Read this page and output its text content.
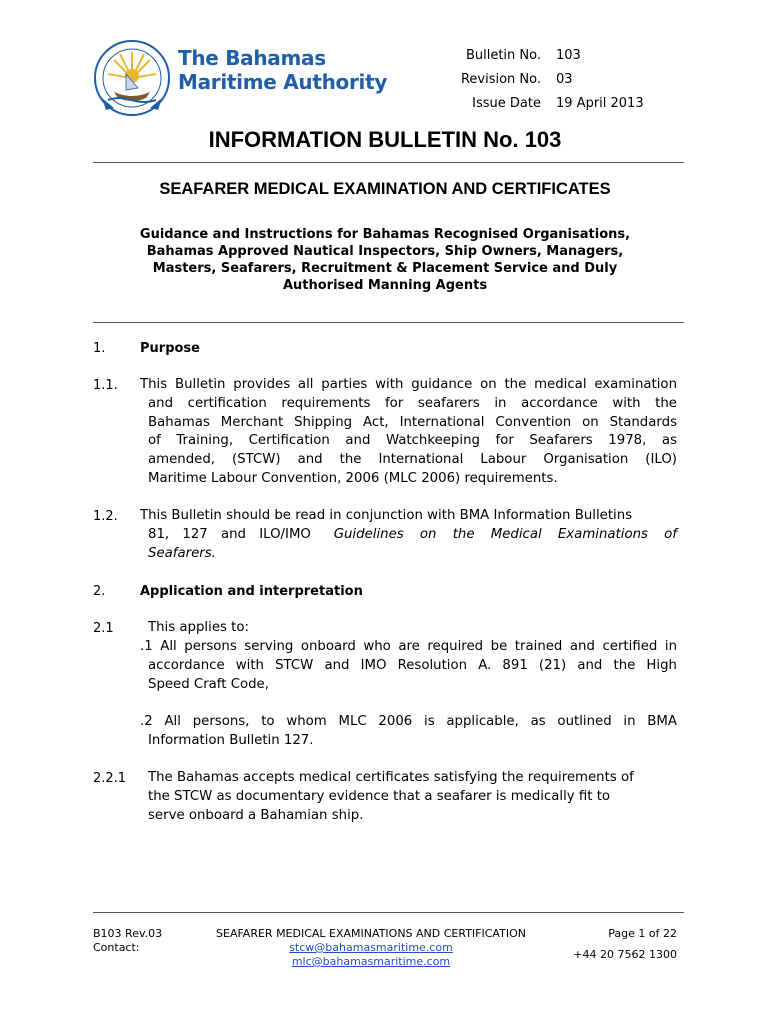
The Bahamas
Maritime Authority
Bulletin No. 103
Revision No. 03
Issue Date 19 April 2013
INFORMATION BULLETIN No. 103
SEAFARER MEDICAL EXAMINATION AND CERTIFICATES
Guidance and Instructions for Bahamas Recognised Organisations,
Bahamas Approved Nautical Inspectors, Ship Owners, Managers,
Masters, Seafarers, Recruitment & Placement Service and Duly
Authorised Manning Agents
1.	Purpose
1.1. This Bulletin provides all parties with guidance on the medical examination
and certification requirements for seafarers in accordance with the
Bahamas Merchant Shipping Act, International Convention on Standards
of Training, Certification and Watchkeeping for Seafarers 1978, as
amended, (STCW) and the International Labour Organisation (ILO)
Maritime Labour Convention, 2006 (MLC 2006) requirements.
1.2. This Bulletin should be read in conjunction with BMA Information Bulletins
81, 127 and ILO/IMO Guidelines on the Medical Examinations of
Seafarers.
2.	Application and interpretation
2.1	This applies to:
.1 All persons serving onboard who are required be trained and certified in
accordance with STCW and IMO Resolution A. 891 (21) and the High
Speed Craft Code,
.2 All persons, to whom MLC 2006 is applicable, as outlined in BMA
Information Bulletin 127.
2.2.1 The Bahamas accepts medical certificates satisfying the requirements of
the STCW as documentary evidence that a seafarer is medically fit to
serve onboard a Bahamian ship.
B103 Rev.03
Contact:
SEAFARER MEDICAL EXAMINATIONS AND CERTIFICATION
stcw@bahamasmaritime.com
mlc@bahamasmaritime.com
Page 1 of 22
+44 20 7562 1300
